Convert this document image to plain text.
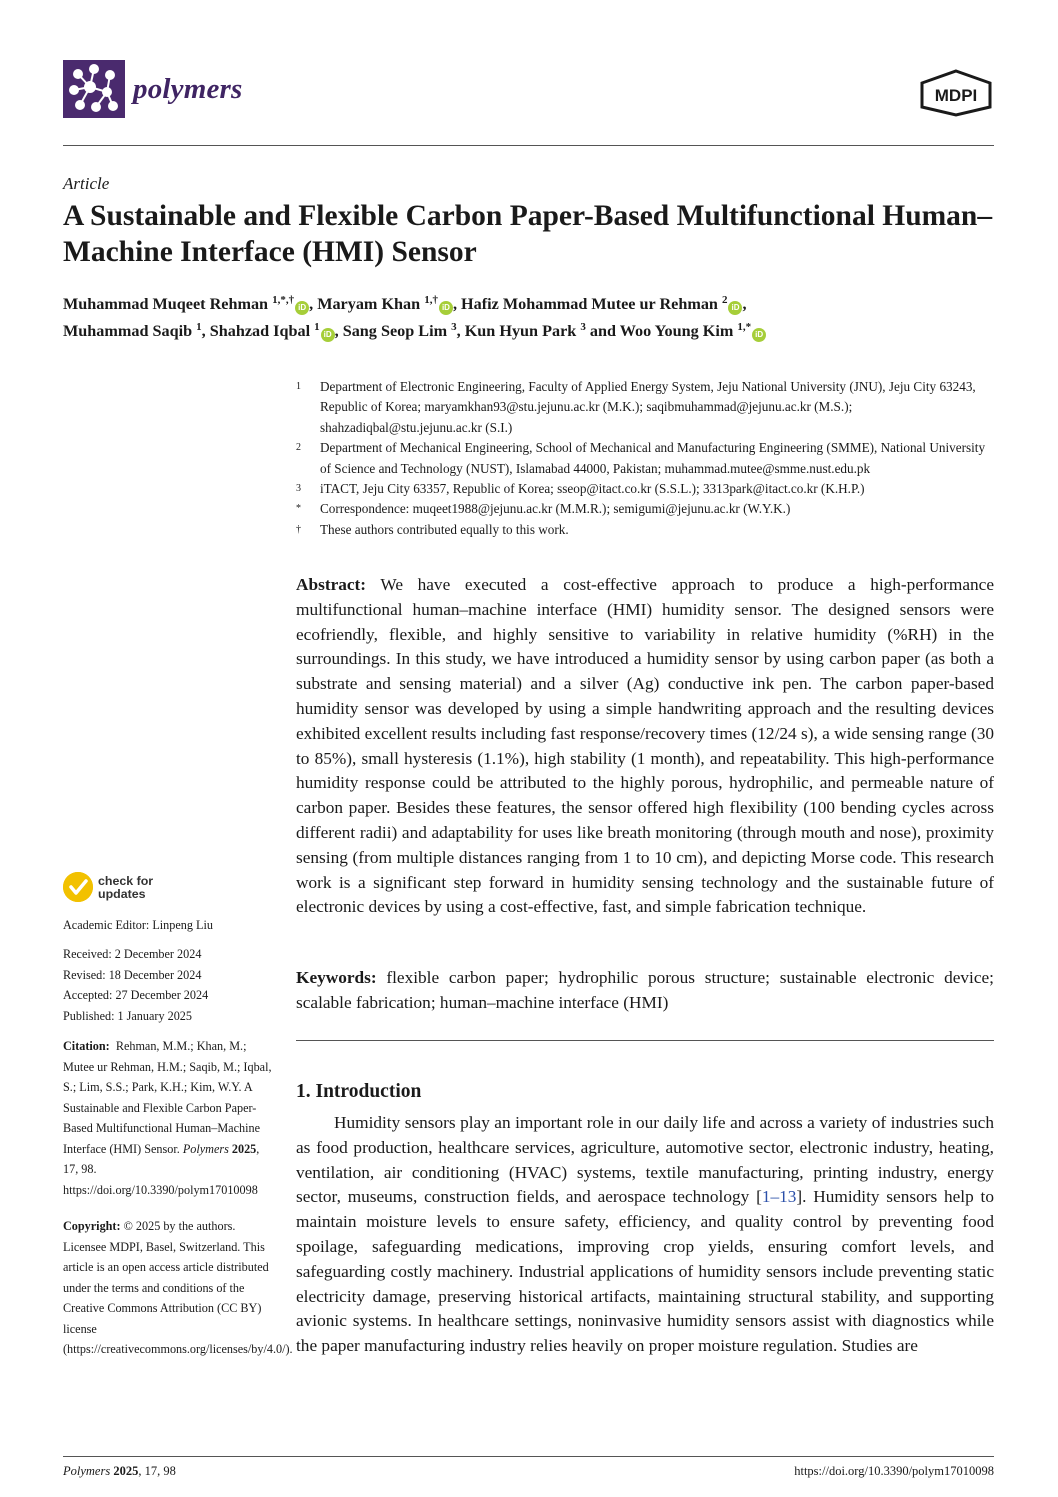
polymers	MDPI
Article
A Sustainable and Flexible Carbon Paper-Based Multifunctional Human–Machine Interface (HMI) Sensor
Muhammad Muqeet Rehman $^{1,*,\dagger}$iD , Maryam Khan $^{1,\dagger}$iD , Hafiz Mohammad Mutee ur Rehman $^2$iD ,
Muhammad Saqib $^1$, Shahzad Iqbal $^1$iD , Sang Seop Lim $^3$, Kun Hyun Park $^3$ and Woo Young Kim $^{1,*}$iD
1 Department of Electronic Engineering, Faculty of Applied Energy System, Jeju National University (JNU), Jeju City 63243, Republic of Korea; maryamkhan93@stu.jejunu.ac.kr (M.K.); saqibmuhammad@jejunu.ac.kr (M.S.); shahzadiqbal@stu.jejunu.ac.kr (S.I.)
2 Department of Mechanical Engineering, School of Mechanical and Manufacturing Engineering (SMME), National University of Science and Technology (NUST), Islamabad 44000, Pakistan; muhammad.mutee@smme.nust.edu.pk
3 iTACT, Jeju City 63357, Republic of Korea; sseop@itact.co.kr (S.S.L.); 3313park@itact.co.kr (K.H.P.)
* Correspondence: muqeet1988@jejunu.ac.kr (M.M.R.); semigumi@jejunu.ac.kr (W.Y.K.)
† These authors contributed equally to this work.
Abstract: We have executed a cost-effective approach to produce a high-performance multifunctional human–machine interface (HMI) humidity sensor. The designed sensors were ecofriendly, flexible, and highly sensitive to variability in relative humidity (%RH) in the surroundings. In this study, we have introduced a humidity sensor by using carbon paper (as both a substrate and sensing material) and a silver (Ag) conductive ink pen. The carbon paper-based humidity sensor was developed by using a simple handwriting approach and the resulting devices exhibited excellent results including fast response/recovery times (12/24 s), a wide sensing range (30 to 85%), small hysteresis (1.1%), high stability (1 month), and repeatability. This high-performance humidity response could be attributed to the highly porous, hydrophilic, and permeable nature of carbon paper. Besides these features, the sensor offered high flexibility (100 bending cycles across different radii) and adaptability for uses like breath monitoring (through mouth and nose), proximity sensing (from multiple distances ranging from 1 to 10 cm), and depicting Morse code. This research work is a significant step forward in humidity sensing technology and the sustainable future of electronic devices by using a cost-effective, fast, and simple fabrication technique.
Keywords: flexible carbon paper; hydrophilic porous structure; sustainable electronic device; scalable fabrication; human–machine interface (HMI)
1. Introduction
Humidity sensors play an important role in our daily life and across a variety of industries such as food production, healthcare services, agriculture, automotive sector, electronic industry, heating, ventilation, air conditioning (HVAC) systems, textile manufacturing, printing industry, energy sector, museums, construction fields, and aerospace technology [1–13]. Humidity sensors help to maintain moisture levels to ensure safety, efficiency, and quality control by preventing food spoilage, safeguarding medications, improving crop yields, ensuring comfort levels, and safeguarding costly machinery. Industrial applications of humidity sensors include preventing static electricity damage, preserving historical artifacts, maintaining structural stability, and supporting avionic systems. In healthcare settings, noninvasive humidity sensors assist with diagnostics while the paper manufacturing industry relies heavily on proper moisture regulation. Studies are
check for
updates
Academic Editor: Linpeng Liu
Received: 2 December 2024
Revised: 18 December 2024
Accepted: 27 December 2024
Published: 1 January 2025
Citation: Rehman, M.M.; Khan, M.; Mutee ur Rehman, H.M.; Saqib, M.; Iqbal, S.; Lim, S.S.; Park, K.H.; Kim, W.Y. A Sustainable and Flexible Carbon Paper-Based Multifunctional Human–Machine Interface (HMI) Sensor. Polymers 2025, 17, 98. https://doi.org/10.3390/polym17010098
Copyright: © 2025 by the authors. Licensee MDPI, Basel, Switzerland. This article is an open access article distributed under the terms and conditions of the Creative Commons Attribution (CC BY) license (https://creativecommons.org/licenses/by/4.0/).
Polymers 2025, 17, 98	https://doi.org/10.3390/polym17010098
